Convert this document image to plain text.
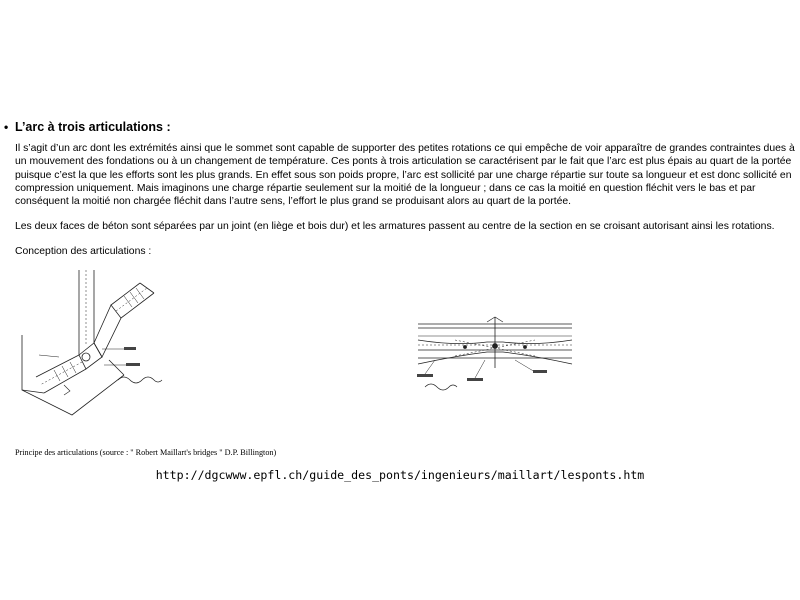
• L’arc à trois articulations :

Il s’agit d’un arc dont les extrémités ainsi que le sommet sont capable de supporter des petites rotations ce qui empêche de voir apparaître de grandes contraintes dues à un mouvement des fondations ou à un changement de température. Ces ponts à trois articulation se caractérisent par le fait que l’arc est plus épais au quart de la portée puisque c’est la que les efforts sont les plus grands. En effet sous son poids propre, l’arc est sollicité par une charge répartie sur toute sa longueur et est donc sollicité en compression uniquement. Mais imaginons une charge répartie seulement sur la moitié de la longueur ; dans ce cas la moitié en question fléchit vers le bas et par conséquent la moitié non chargée fléchit dans l’autre sens, l’effort le plus grand se produisant alors au quart de la portée.

Les deux faces de béton sont séparées par un joint (en liège et bois dur) et les armatures passent au centre de la section en se croisant autorisant ainsi les rotations.

Conception des articulations :

Principe des articulations (source : " Robert Maillart's bridges " D.P. Billington)
http://dgcwww.epfl.ch/guide_des_ponts/ingenieurs/maillart/lesponts.htm
